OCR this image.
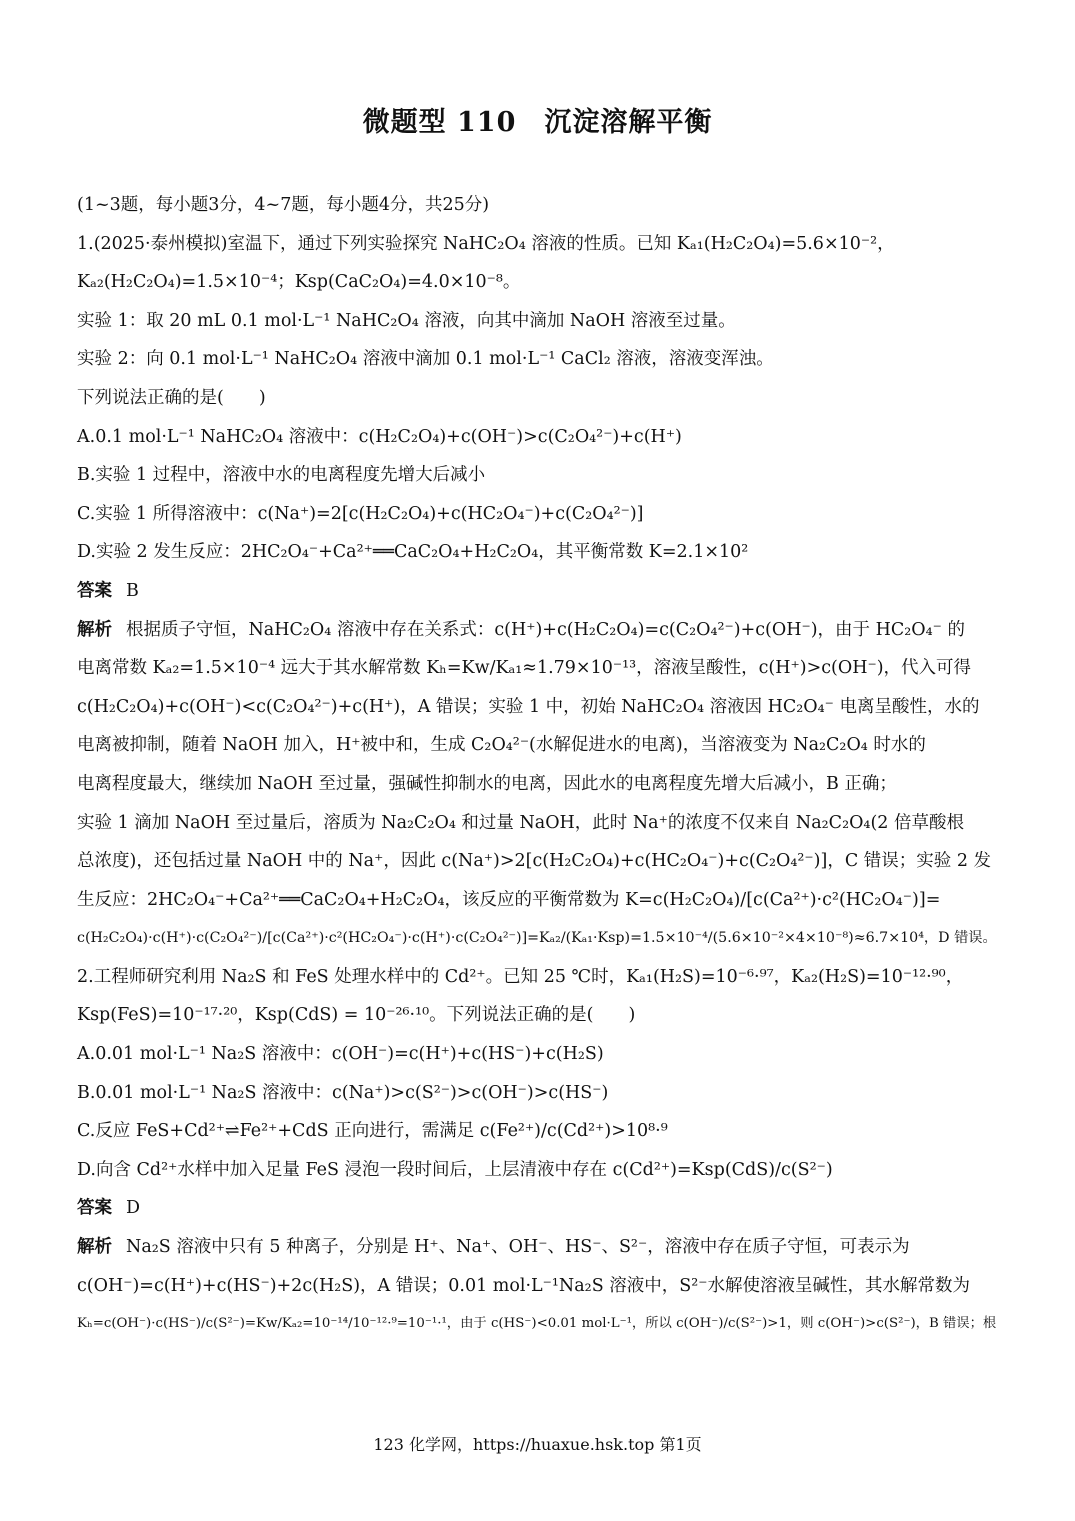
微题型 110　沉淀溶解平衡
(1~3题，每小题3分，4~7题，每小题4分，共25分)
1.(2025·泰州模拟)室温下，通过下列实验探究 NaHC₂O₄ 溶液的性质。已知 Kₐ₁(H₂C₂O₄)=5.6×10⁻²，
Kₐ₂(H₂C₂O₄)=1.5×10⁻⁴；Ksp(CaC₂O₄)=4.0×10⁻⁸。
实验 1：取 20 mL 0.1 mol·L⁻¹ NaHC₂O₄ 溶液，向其中滴加 NaOH 溶液至过量。
实验 2：向 0.1 mol·L⁻¹ NaHC₂O₄ 溶液中滴加 0.1 mol·L⁻¹ CaCl₂ 溶液，溶液变浑浊。
下列说法正确的是(　　)
A.0.1 mol·L⁻¹ NaHC₂O₄ 溶液中：c(H₂C₂O₄)+c(OH⁻)>c(C₂O₄²⁻)+c(H⁺)
B.实验 1 过程中，溶液中水的电离程度先增大后减小
C.实验 1 所得溶液中：c(Na⁺)=2[c(H₂C₂O₄)+c(HC₂O₄⁻)+c(C₂O₄²⁻)]
D.实验 2 发生反应：2HC₂O₄⁻+Ca²⁺══CaC₂O₄+H₂C₂O₄，其平衡常数 K=2.1×10²
答案 B
解析 根据质子守恒，NaHC₂O₄ 溶液中存在关系式：c(H⁺)+c(H₂C₂O₄)=c(C₂O₄²⁻)+c(OH⁻)，由于 HC₂O₄⁻ 的
电离常数 Kₐ₂=1.5×10⁻⁴ 远大于其水解常数 Kₕ=Kw/Kₐ₁≈1.79×10⁻¹³，溶液呈酸性，c(H⁺)>c(OH⁻)，代入可得
c(H₂C₂O₄)+c(OH⁻)<c(C₂O₄²⁻)+c(H⁺)，A 错误；实验 1 中，初始 NaHC₂O₄ 溶液因 HC₂O₄⁻ 电离呈酸性，水的
电离被抑制，随着 NaOH 加入，H⁺被中和，生成 C₂O₄²⁻(水解促进水的电离)，当溶液变为 Na₂C₂O₄ 时水的
电离程度最大，继续加 NaOH 至过量，强碱性抑制水的电离，因此水的电离程度先增大后减小，B 正确；
实验 1 滴加 NaOH 至过量后，溶质为 Na₂C₂O₄ 和过量 NaOH，此时 Na⁺的浓度不仅来自 Na₂C₂O₄(2 倍草酸根
总浓度)，还包括过量 NaOH 中的 Na⁺，因此 c(Na⁺)>2[c(H₂C₂O₄)+c(HC₂O₄⁻)+c(C₂O₄²⁻)]，C 错误；实验 2 发
生反应：2HC₂O₄⁻+Ca²⁺══CaC₂O₄+H₂C₂O₄，该反应的平衡常数为 K=c(H₂C₂O₄)/[c(Ca²⁺)·c²(HC₂O₄⁻)]=
c(H₂C₂O₄)·c(H⁺)·c(C₂O₄²⁻)/[c(Ca²⁺)·c²(HC₂O₄⁻)·c(H⁺)·c(C₂O₄²⁻)]=Kₐ₂/(Kₐ₁·Ksp)=1.5×10⁻⁴/(5.6×10⁻²×4×10⁻⁸)≈6.7×10⁴，D 错误。
2.工程师研究利用 Na₂S 和 FeS 处理水样中的 Cd²⁺。已知 25 ℃时，Kₐ₁(H₂S)=10⁻⁶·⁹⁷，Kₐ₂(H₂S)=10⁻¹²·⁹⁰，
Ksp(FeS)=10⁻¹⁷·²⁰，Ksp(CdS) = 10⁻²⁶·¹⁰。下列说法正确的是(　　)
A.0.01 mol·L⁻¹ Na₂S 溶液中：c(OH⁻)=c(H⁺)+c(HS⁻)+c(H₂S)
B.0.01 mol·L⁻¹ Na₂S 溶液中：c(Na⁺)>c(S²⁻)>c(OH⁻)>c(HS⁻)
C.反应 FeS+Cd²⁺⇌Fe²⁺+CdS 正向进行，需满足 c(Fe²⁺)/c(Cd²⁺)>10⁸·⁹
D.向含 Cd²⁺水样中加入足量 FeS 浸泡一段时间后，上层清液中存在 c(Cd²⁺)=Ksp(CdS)/c(S²⁻)
答案 D
解析 Na₂S 溶液中只有 5 种离子，分别是 H⁺、Na⁺、OH⁻、HS⁻、S²⁻，溶液中存在质子守恒，可表示为
c(OH⁻)=c(H⁺)+c(HS⁻)+2c(H₂S)，A 错误；0.01 mol·L⁻¹Na₂S 溶液中，S²⁻水解使溶液呈碱性，其水解常数为
Kₕ=c(OH⁻)·c(HS⁻)/c(S²⁻)=Kw/Kₐ₂=10⁻¹⁴/10⁻¹²·⁹=10⁻¹·¹，由于 c(HS⁻)<0.01 mol·L⁻¹，所以 c(OH⁻)/c(S²⁻)>1，则 c(OH⁻)>c(S²⁻)，B 错误；根
123 化学网，https://huaxue.hsk.top 第1页
